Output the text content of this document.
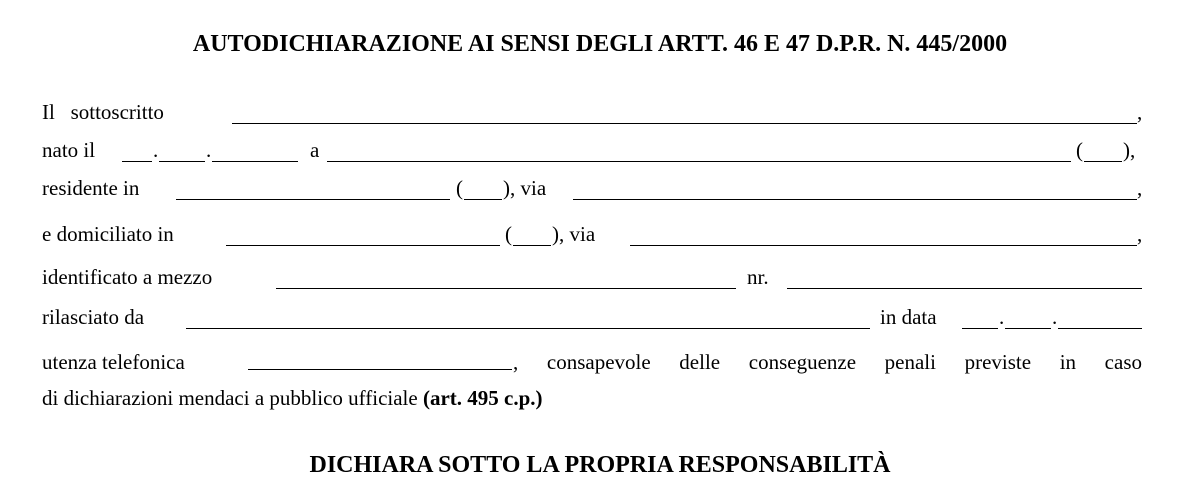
AUTODICHIARAZIONE AI SENSI DEGLI ARTT. 46 E 47 D.P.R. N. 445/2000
Il   sottoscritto	,
nato il	. .	a	( ),
residente in	( ), via	,
e domiciliato in	( ), via	,
identificato a mezzo	nr.
rilasciato da	in data	. .
utenza telefonica	, consapevole delle conseguenze penali previste in caso
di dichiarazioni mendaci a pubblico ufficiale (art. 495 c.p.)
DICHIARA SOTTO LA PROPRIA RESPONSABILITÀ
